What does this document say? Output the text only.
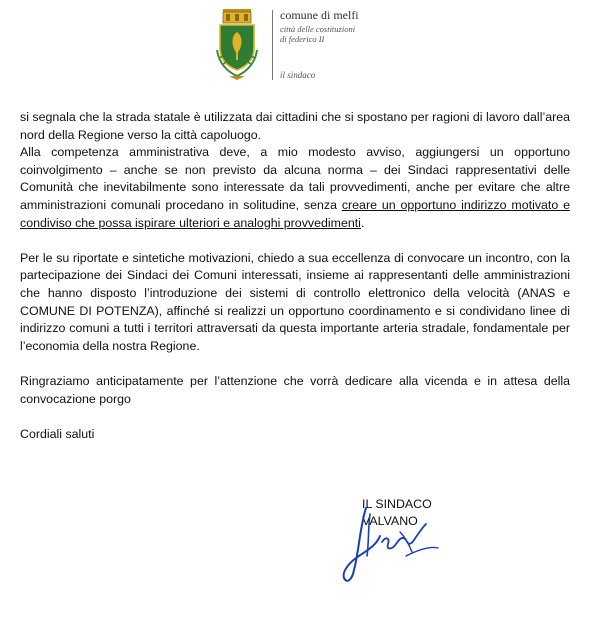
comune di melfi
città delle costituzioni
di federico II
il sindaco

si segnala che la strada statale è utilizzata dai cittadini che si spostano per ragioni di lavoro dall’area nord della Regione verso la città capoluogo.
Alla competenza amministrativa deve, a mio modesto avviso, aggiungersi un opportuno coinvolgimento – anche se non previsto da alcuna norma – dei Sindaci rappresentativi delle Comunità che inevitabilmente sono interessate da tali provvedimenti, anche per evitare che altre amministrazioni comunali procedano in solitudine, senza creare un opportuno indirizzo motivato e condiviso che possa ispirare ulteriori e analoghi provvedimenti.

Per le su riportate e sintetiche motivazioni, chiedo a sua eccellenza di convocare un incontro, con la partecipazione dei Sindaci dei Comuni interessati, insieme ai rappresentanti delle amministrazioni che hanno disposto l’introduzione dei sistemi di controllo elettronico della velocità (ANAS e COMUNE DI POTENZA), affinché si realizzi un opportuno coordinamento e si condividano linee di indirizzo comuni a tutti i territori attraversati da questa importante arteria stradale, fondamentale per l’economia della nostra Regione.

Ringraziamo anticipatamente per l’attenzione che vorrà dedicare alla vicenda e in attesa della convocazione porgo

Cordiali saluti

IL SINDACO
VALVANO
